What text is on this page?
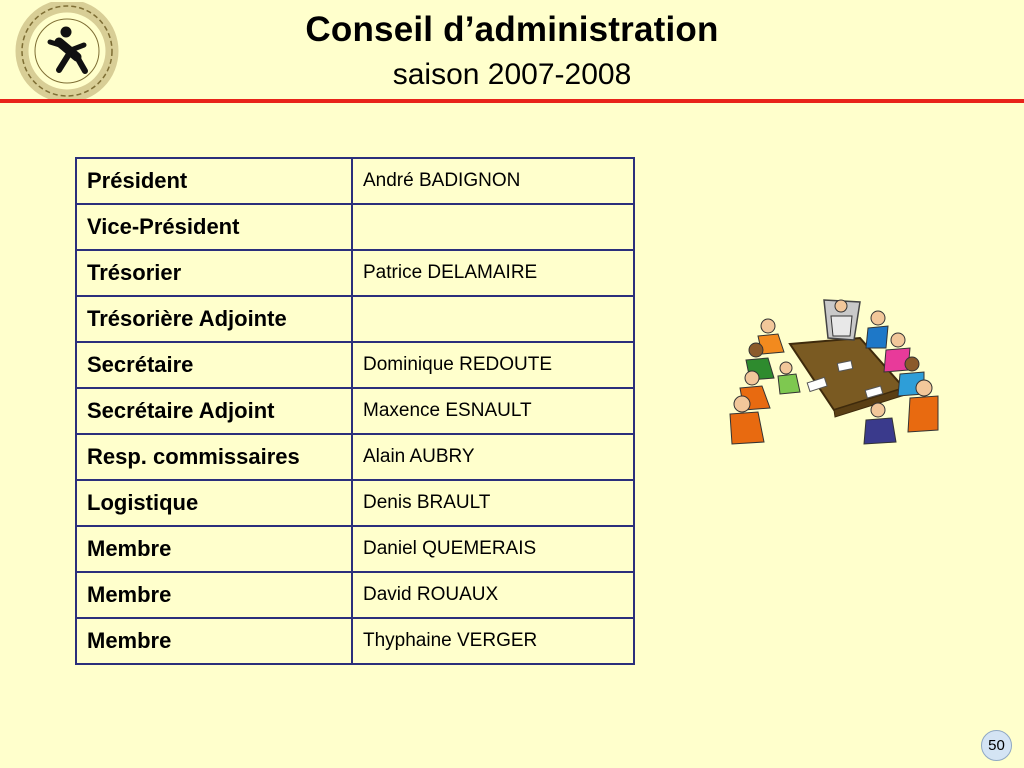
Conseil d’administration
saison 2007-2008
Président	André BADIGNON
Vice-Président	
Trésorier	Patrice DELAMAIRE
Trésorière Adjointe	
Secrétaire	Dominique REDOUTE
Secrétaire Adjoint	Maxence ESNAULT
Resp. commissaires	Alain AUBRY
Logistique	Denis BRAULT
Membre	Daniel QUEMERAIS
Membre	David ROUAUX
Membre	Thyphaine VERGER
50
